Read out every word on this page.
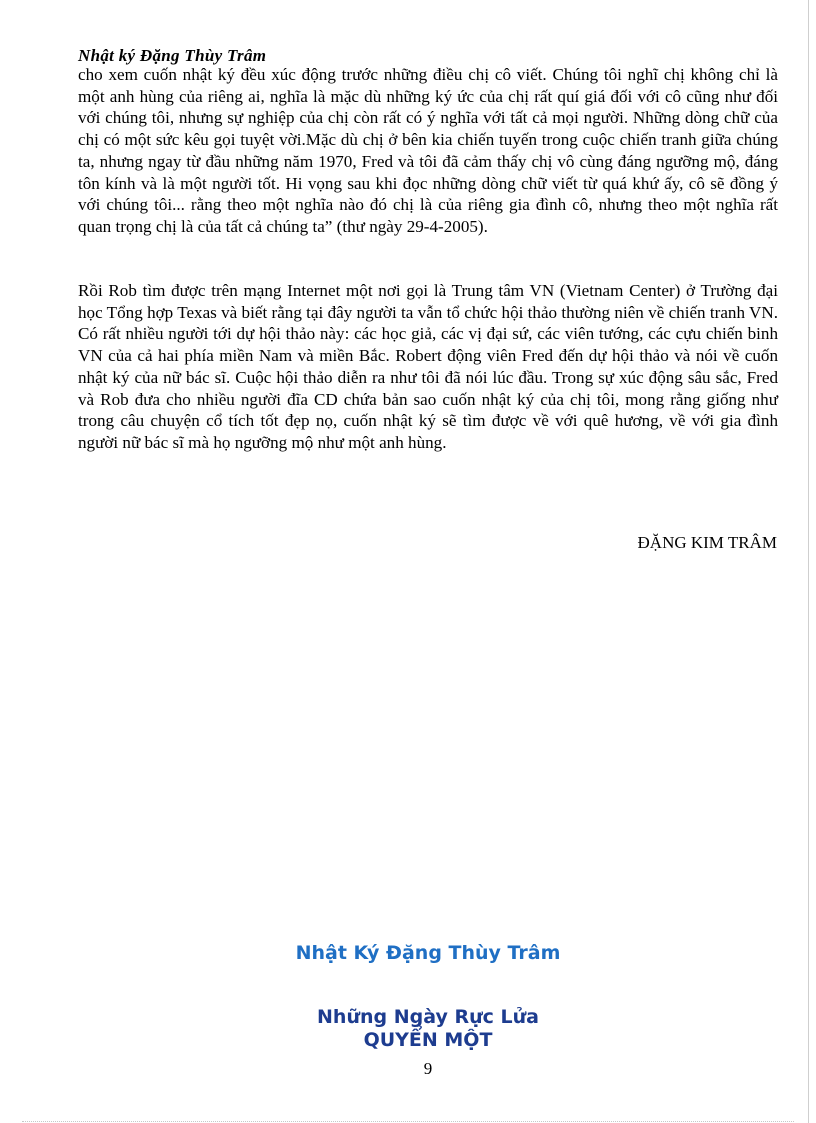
Nhật ký Đặng Thùy Trâm

cho xem cuốn nhật ký đều xúc động trước những điều chị cô viết. Chúng tôi nghĩ chị không chỉ là một anh hùng của riêng ai, nghĩa là mặc dù những ký ức của chị rất quí giá đối với cô cũng như đối với chúng tôi, nhưng sự nghiệp của chị còn rất có ý nghĩa với tất cả mọi người. Những dòng chữ của chị có một sức kêu gọi tuyệt vời.Mặc dù chị ở bên kia chiến tuyến trong cuộc chiến tranh giữa chúng ta, nhưng ngay từ đầu những năm 1970, Fred và tôi đã cảm thấy chị vô cùng đáng ngưỡng mộ, đáng tôn kính và là một người tốt. Hi vọng sau khi đọc những dòng chữ viết từ quá khứ ấy, cô sẽ đồng ý với chúng tôi... rằng theo một nghĩa nào đó chị là của riêng gia đình cô, nhưng theo một nghĩa rất quan trọng chị là của tất cả chúng ta” (thư ngày 29-4-2005).

Rồi Rob tìm được trên mạng Internet một nơi gọi là Trung tâm VN (Vietnam Center) ở Trường đại học Tổng hợp Texas và biết rằng tại đây người ta vẫn tổ chức hội thảo thường niên về chiến tranh VN. Có rất nhiều người tới dự hội thảo này: các học giả, các vị đại sứ, các viên tướng, các cựu chiến binh VN của cả hai phía miền Nam và miền Bắc. Robert động viên Fred đến dự hội thảo và nói về cuốn nhật ký của nữ bác sĩ. Cuộc hội thảo diễn ra như tôi đã nói lúc đầu. Trong sự xúc động sâu sắc, Fred và Rob đưa cho nhiều người đĩa CD chứa bản sao cuốn nhật ký của chị tôi, mong rằng giống như trong câu chuyện cổ tích tốt đẹp nọ, cuốn nhật ký sẽ tìm được về với quê hương, về với gia đình người nữ bác sĩ mà họ ngưỡng mộ như một anh hùng.

ĐẶNG KIM TRÂM

Nhật Ký Đặng Thùy Trâm

Những Ngày Rực Lửa

QUYỂN MỘT

9
